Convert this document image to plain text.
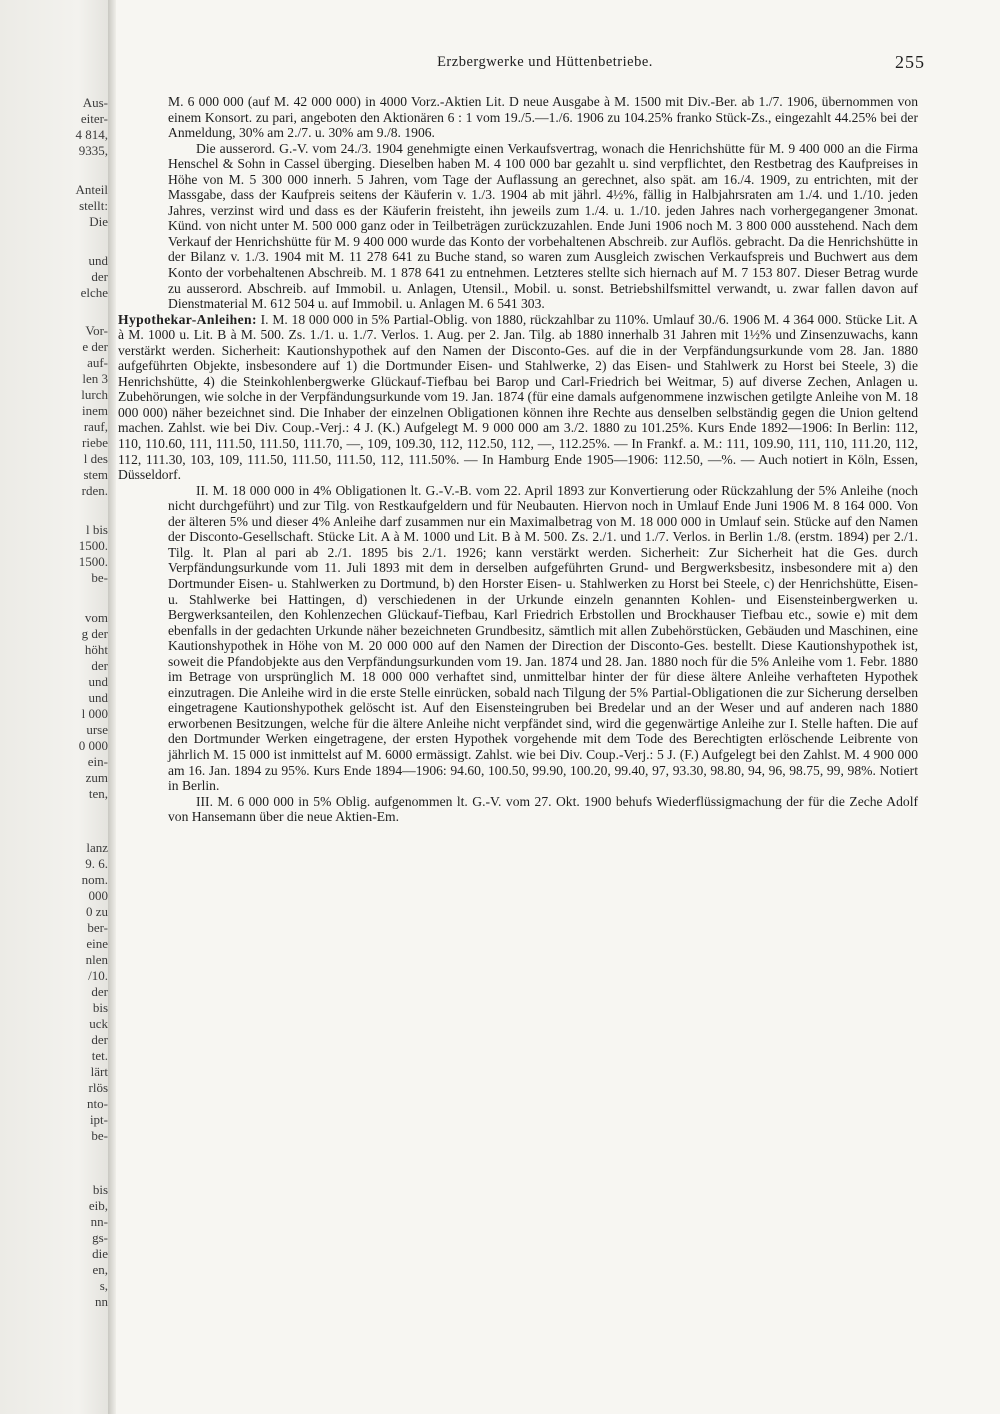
Aus-
eiter-
4 814,
9335,
Anteil
stellt:
Die
und
der
elche
Vor-
e der
auf-
len 3
lurch
inem
rauf,
riebe
l des
stem
rden.
l bis
1500.
1500.
be-
vom
g der
höht
der
und
und
l 000
urse
0 000
ein-
zum
ten,
lanz
9. 6.
nom.
000
0 zu
ber-
eine
nlen
/10.
der
bis
uck
der
tet.
lärt
rlös
nto-
ipt-
be-
bis
eib,
nn-
gs-
die
en,
s,
nn
Erzbergwerke und Hüttenbetriebe.	255

M. 6 000 000 (auf M. 42 000 000) in 4000 Vorz.-Aktien Lit. D neue Ausgabe à M. 1500 mit Div.-Ber. ab 1./7. 1906, übernommen von einem Konsort. zu pari, angeboten den Aktionären 6 : 1 vom 19./5.—1./6. 1906 zu 104.25% franko Stück-Zs., eingezahlt 44.25% bei der Anmeldung, 30% am 2./7. u. 30% am 9./8. 1906.

Die ausserord. G.-V. vom 24./3. 1904 genehmigte einen Verkaufsvertrag, wonach die Henrichshütte für M. 9 400 000 an die Firma Henschel & Sohn in Cassel überging. Dieselben haben M. 4 100 000 bar gezahlt u. sind verpflichtet, den Restbetrag des Kaufpreises in Höhe von M. 5 300 000 innerh. 5 Jahren, vom Tage der Auflassung an gerechnet, also spät. am 16./4. 1909, zu entrichten, mit der Massgabe, dass der Kaufpreis seitens der Käuferin v. 1./3. 1904 ab mit jährl. 4½%, fällig in Halbjahrsraten am 1./4. und 1./10. jeden Jahres, verzinst wird und dass es der Käuferin freisteht, ihn jeweils zum 1./4. u. 1./10. jeden Jahres nach vorhergegangener 3monat. Künd. von nicht unter M. 500 000 ganz oder in Teilbeträgen zurückzuzahlen. Ende Juni 1906 noch M. 3 800 000 ausstehend. Nach dem Verkauf der Henrichshütte für M. 9 400 000 wurde das Konto der vorbehaltenen Abschreib. zur Auflös. gebracht. Da die Henrichshütte in der Bilanz v. 1./3. 1904 mit M. 11 278 641 zu Buche stand, so waren zum Ausgleich zwischen Verkaufspreis und Buchwert aus dem Konto der vorbehaltenen Abschreib. M. 1 878 641 zu entnehmen. Letzteres stellte sich hiernach auf M. 7 153 807. Dieser Betrag wurde zu ausserord. Abschreib. auf Immobil. u. Anlagen, Utensil., Mobil. u. sonst. Betriebshilfsmittel verwandt, u. zwar fallen davon auf Dienstmaterial M. 612 504 u. auf Immobil. u. Anlagen M. 6 541 303.

Hypothekar-Anleihen: I. M. 18 000 000 in 5% Partial-Oblig. von 1880, rückzahlbar zu 110%. Umlauf 30./6. 1906 M. 4 364 000. Stücke Lit. A à M. 1000 u. Lit. B à M. 500. Zs. 1./1. u. 1./7. Verlos. 1. Aug. per 2. Jan. Tilg. ab 1880 innerhalb 31 Jahren mit 1½% und Zinsenzuwachs, kann verstärkt werden. Sicherheit: Kautionshypothek auf den Namen der Disconto-Ges. auf die in der Verpfändungsurkunde vom 28. Jan. 1880 aufgeführten Objekte, insbesondere auf 1) die Dortmunder Eisen- und Stahlwerke, 2) das Eisen- und Stahlwerk zu Horst bei Steele, 3) die Henrichshütte, 4) die Steinkohlenbergwerke Glückauf-Tiefbau bei Barop und Carl-Friedrich bei Weitmar, 5) auf diverse Zechen, Anlagen u. Zubehörungen, wie solche in der Verpfändungsurkunde vom 19. Jan. 1874 (für eine damals aufgenommene inzwischen getilgte Anleihe von M. 18 000 000) näher bezeichnet sind. Die Inhaber der einzelnen Obligationen können ihre Rechte aus denselben selbständig gegen die Union geltend machen. Zahlst. wie bei Div. Coup.-Verj.: 4 J. (K.) Aufgelegt M. 9 000 000 am 3./2. 1880 zu 101.25%. Kurs Ende 1892—1906: In Berlin: 112, 110, 110.60, 111, 111.50, 111.50, 111.70, —, 109, 109.30, 112, 112.50, 112, —, 112.25%. — In Frankf. a. M.: 111, 109.90, 111, 110, 111.20, 112, 112, 111.30, 103, 109, 111.50, 111.50, 111.50, 112, 111.50%. — In Hamburg Ende 1905—1906: 112.50, —%. — Auch notiert in Köln, Essen, Düsseldorf.

II. M. 18 000 000 in 4% Obligationen lt. G.-V.-B. vom 22. April 1893 zur Konvertierung oder Rückzahlung der 5% Anleihe (noch nicht durchgeführt) und zur Tilg. von Restkaufgeldern und für Neubauten. Hiervon noch in Umlauf Ende Juni 1906 M. 8 164 000. Von der älteren 5% und dieser 4% Anleihe darf zusammen nur ein Maximalbetrag von M. 18 000 000 in Umlauf sein. Stücke auf den Namen der Disconto-Gesellschaft. Stücke Lit. A à M. 1000 und Lit. B à M. 500. Zs. 2./1. und 1./7. Verlos. in Berlin 1./8. (erstm. 1894) per 2./1. Tilg. lt. Plan al pari ab 2./1. 1895 bis 2./1. 1926; kann verstärkt werden. Sicherheit: Zur Sicherheit hat die Ges. durch Verpfändungsurkunde vom 11. Juli 1893 mit dem in derselben aufgeführten Grund- und Bergwerksbesitz, insbesondere mit a) den Dortmunder Eisen- u. Stahlwerken zu Dortmund, b) den Horster Eisen- u. Stahlwerken zu Horst bei Steele, c) der Henrichshütte, Eisen- u. Stahlwerke bei Hattingen, d) verschiedenen in der Urkunde einzeln genannten Kohlen- und Eisensteinbergwerken u. Bergwerksanteilen, den Kohlenzechen Glückauf-Tiefbau, Karl Friedrich Erbstollen und Brockhauser Tiefbau etc., sowie e) mit dem ebenfalls in der gedachten Urkunde näher bezeichneten Grundbesitz, sämtlich mit allen Zubehörstücken, Gebäuden und Maschinen, eine Kautionshypothek in Höhe von M. 20 000 000 auf den Namen der Direction der Disconto-Ges. bestellt. Diese Kautionshypothek ist, soweit die Pfandobjekte aus den Verpfändungsurkunden vom 19. Jan. 1874 und 28. Jan. 1880 noch für die 5% Anleihe vom 1. Febr. 1880 im Betrage von ursprünglich M. 18 000 000 verhaftet sind, unmittelbar hinter der für diese ältere Anleihe verhafteten Hypothek einzutragen. Die Anleihe wird in die erste Stelle einrücken, sobald nach Tilgung der 5% Partial-Obligationen die zur Sicherung derselben eingetragene Kautionshypothek gelöscht ist. Auf den Eisensteingruben bei Bredelar und an der Weser und auf anderen nach 1880 erworbenen Besitzungen, welche für die ältere Anleihe nicht verpfändet sind, wird die gegenwärtige Anleihe zur I. Stelle haften. Die auf den Dortmunder Werken eingetragene, der ersten Hypothek vorgehende mit dem Tode des Berechtigten erlöschende Leibrente von jährlich M. 15 000 ist inmittelst auf M. 6000 ermässigt. Zahlst. wie bei Div. Coup.-Verj.: 5 J. (F.) Aufgelegt bei den Zahlst. M. 4 900 000 am 16. Jan. 1894 zu 95%. Kurs Ende 1894—1906: 94.60, 100.50, 99.90, 100.20, 99.40, 97, 93.30, 98.80, 94, 96, 98.75, 99, 98%. Notiert in Berlin.

III. M. 6 000 000 in 5% Oblig. aufgenommen lt. G.-V. vom 27. Okt. 1900 behufs Wiederflüssigmachung der für die Zeche Adolf von Hansemann über die neue Aktien-Em.
